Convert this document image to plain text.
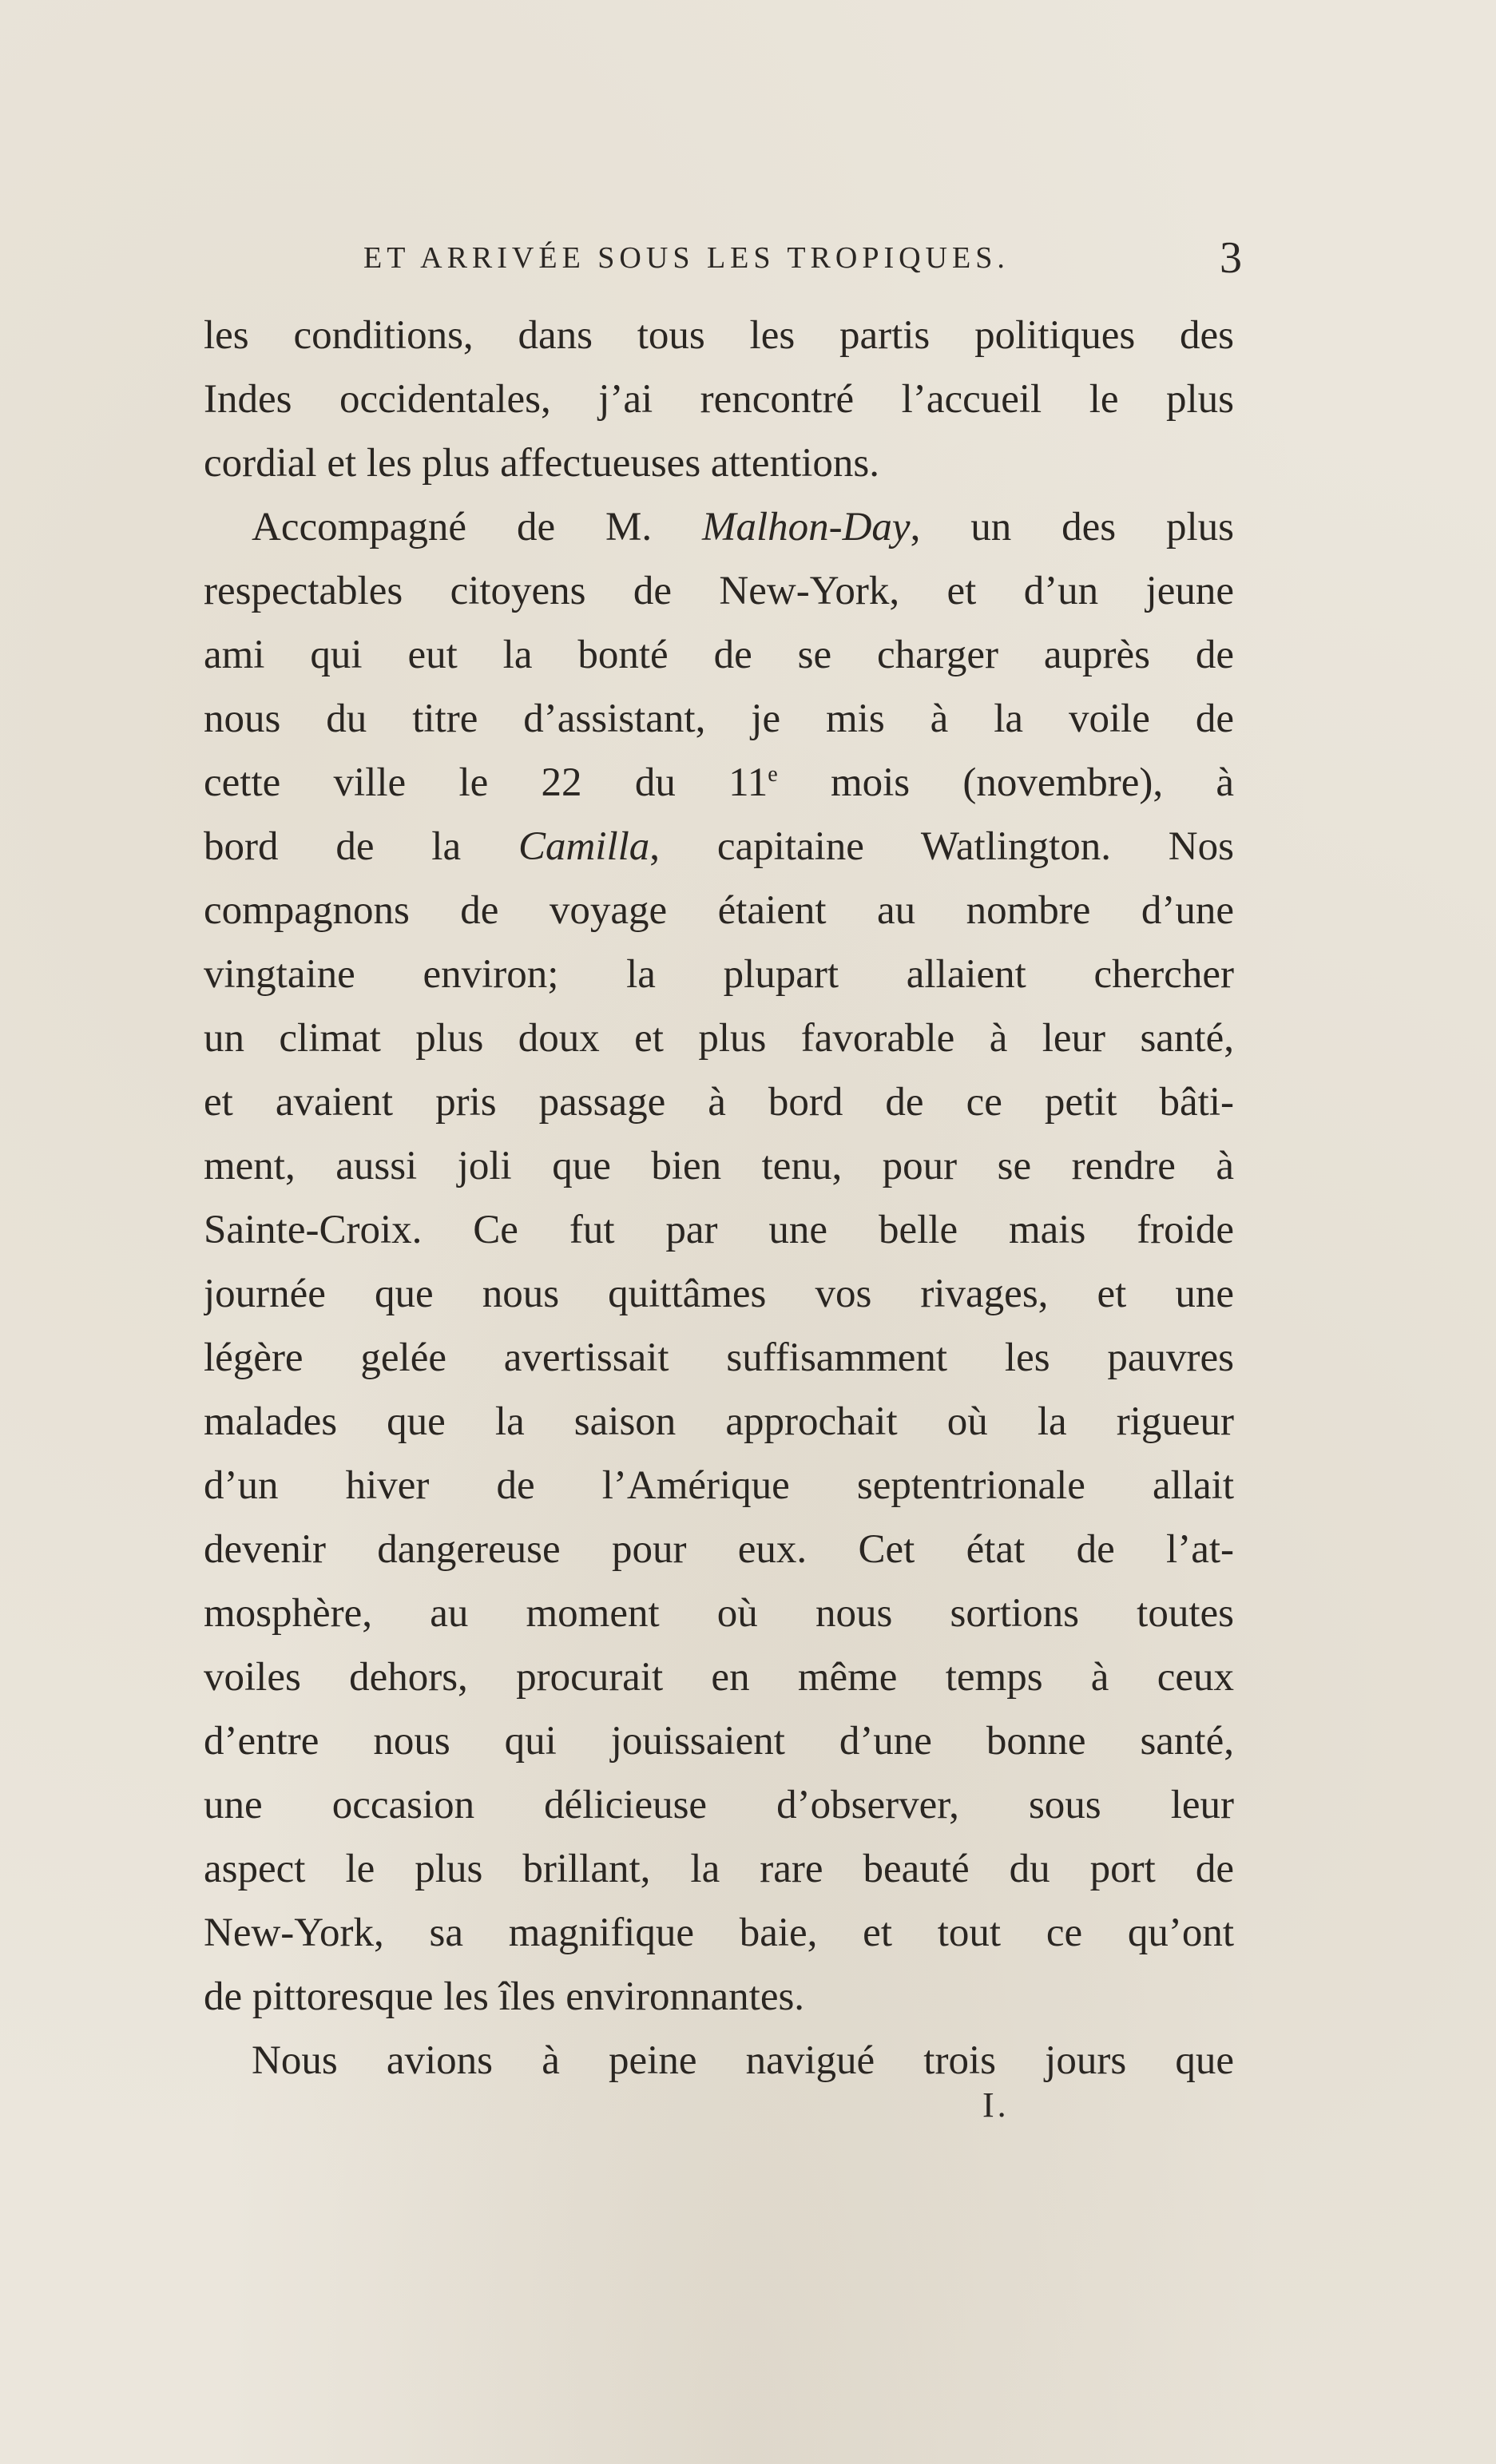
ET ARRIVÉE SOUS LES TROPIQUES.	3
les conditions, dans tous les partis politiques des
Indes occidentales, j’ai rencontré l’accueil le plus
cordial et les plus affectueuses attentions.
Accompagné de M. Malhon-Day, un des plus
respectables citoyens de New-York, et d’un jeune
ami qui eut la bonté de se charger auprès de
nous du titre d’assistant, je mis à la voile de
cette ville le 22 du 11e mois (novembre), à
bord de la Camilla, capitaine Watlington. Nos
compagnons de voyage étaient au nombre d’une
vingtaine environ; la plupart allaient chercher
un climat plus doux et plus favorable à leur santé,
et avaient pris passage à bord de ce petit bâti-
ment, aussi joli que bien tenu, pour se rendre à
Sainte-Croix. Ce fut par une belle mais froide
journée que nous quittâmes vos rivages, et une
légère gelée avertissait suffisamment les pauvres
malades que la saison approchait où la rigueur
d’un hiver de l’Amérique septentrionale allait
devenir dangereuse pour eux. Cet état de l’at-
mosphère, au moment où nous sortions toutes
voiles dehors, procurait en même temps à ceux
d’entre nous qui jouissaient d’une bonne santé,
une occasion délicieuse d’observer, sous leur
aspect le plus brillant, la rare beauté du port de
New-York, sa magnifique baie, et tout ce qu’ont
de pittoresque les îles environnantes.
Nous avions à peine navigué trois jours que
I.
